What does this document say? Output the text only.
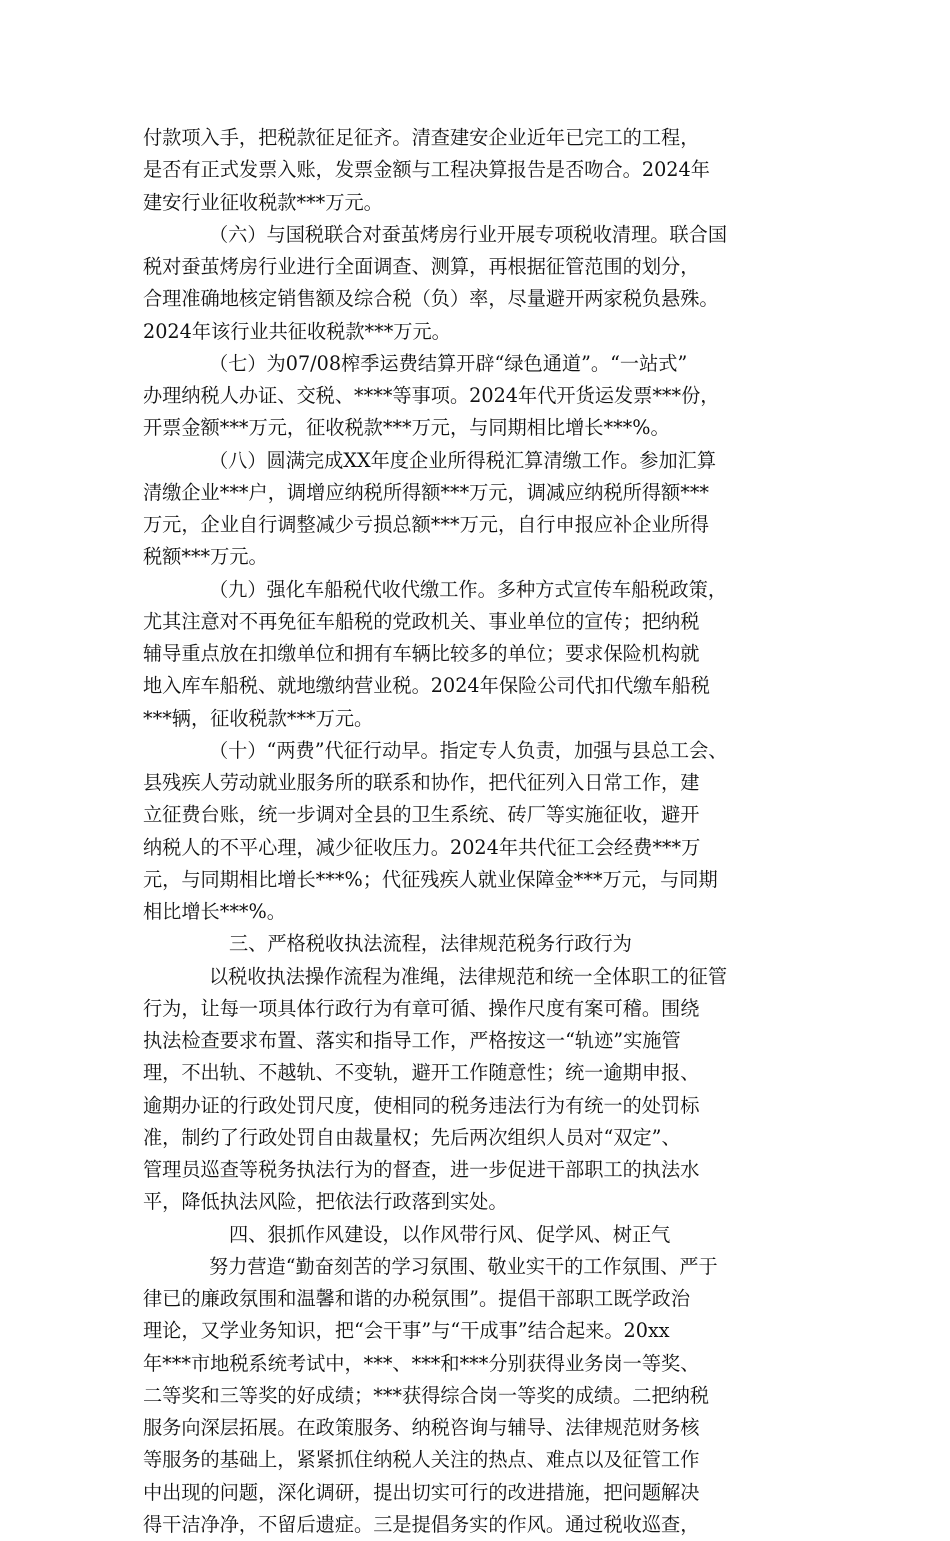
付款项入手，把税款征足征齐。清查建安企业近年已完工的工程，
是否有正式发票入账，发票金额与工程决算报告是否吻合。2024年
建安行业征收税款***万元。
（六）与国税联合对蚕茧烤房行业开展专项税收清理。联合国
税对蚕茧烤房行业进行全面调查、测算，再根据征管范围的划分，
合理准确地核定销售额及综合税（负）率，尽量避开两家税负悬殊。
2024年该行业共征收税款***万元。
（七）为07/08榨季运费结算开辟“绿色通道”。“一站式”
办理纳税人办证、交税、****等事项。2024年代开货运发票***份，
开票金额***万元，征收税款***万元，与同期相比增长***%。
（八）圆满完成XX年度企业所得税汇算清缴工作。参加汇算
清缴企业***户，调增应纳税所得额***万元，调减应纳税所得额***
万元，企业自行调整减少亏损总额***万元，自行申报应补企业所得
税额***万元。
（九）强化车船税代收代缴工作。多种方式宣传车船税政策，
尤其注意对不再免征车船税的党政机关、事业单位的宣传；把纳税
辅导重点放在扣缴单位和拥有车辆比较多的单位；要求保险机构就
地入库车船税、就地缴纳营业税。2024年保险公司代扣代缴车船税
***辆，征收税款***万元。
（十）“两费”代征行动早。指定专人负责，加强与县总工会、
县残疾人劳动就业服务所的联系和协作，把代征列入日常工作，建
立征费台账，统一步调对全县的卫生系统、砖厂等实施征收，避开
纳税人的不平心理，减少征收压力。2024年共代征工会经费***万
元，与同期相比增长***%；代征残疾人就业保障金***万元，与同期
相比增长***%。
三、严格税收执法流程，法律规范税务行政行为
以税收执法操作流程为准绳，法律规范和统一全体职工的征管
行为，让每一项具体行政行为有章可循、操作尺度有案可稽。围绕
执法检查要求布置、落实和指导工作，严格按这一“轨迹”实施管
理，不出轨、不越轨、不变轨，避开工作随意性；统一逾期申报、
逾期办证的行政处罚尺度，使相同的税务违法行为有统一的处罚标
准，制约了行政处罚自由裁量权；先后两次组织人员对“双定”、
管理员巡查等税务执法行为的督查，进一步促进干部职工的执法水
平，降低执法风险，把依法行政落到实处。
四、狠抓作风建设，以作风带行风、促学风、树正气
努力营造“勤奋刻苦的学习氛围、敬业实干的工作氛围、严于
律已的廉政氛围和温馨和谐的办税氛围”。提倡干部职工既学政治
理论，又学业务知识，把“会干事”与“干成事”结合起来。20xx
年***市地税系统考试中，***、***和***分别获得业务岗一等奖、
二等奖和三等奖的好成绩；***获得综合岗一等奖的成绩。二把纳税
服务向深层拓展。在政策服务、纳税咨询与辅导、法律规范财务核
等服务的基础上，紧紧抓住纳税人关注的热点、难点以及征管工作
中出现的问题，深化调研，提出切实可行的改进措施，把问题解决
得干洁净净，不留后遗症。三是提倡务实的作风。通过税收巡查，
